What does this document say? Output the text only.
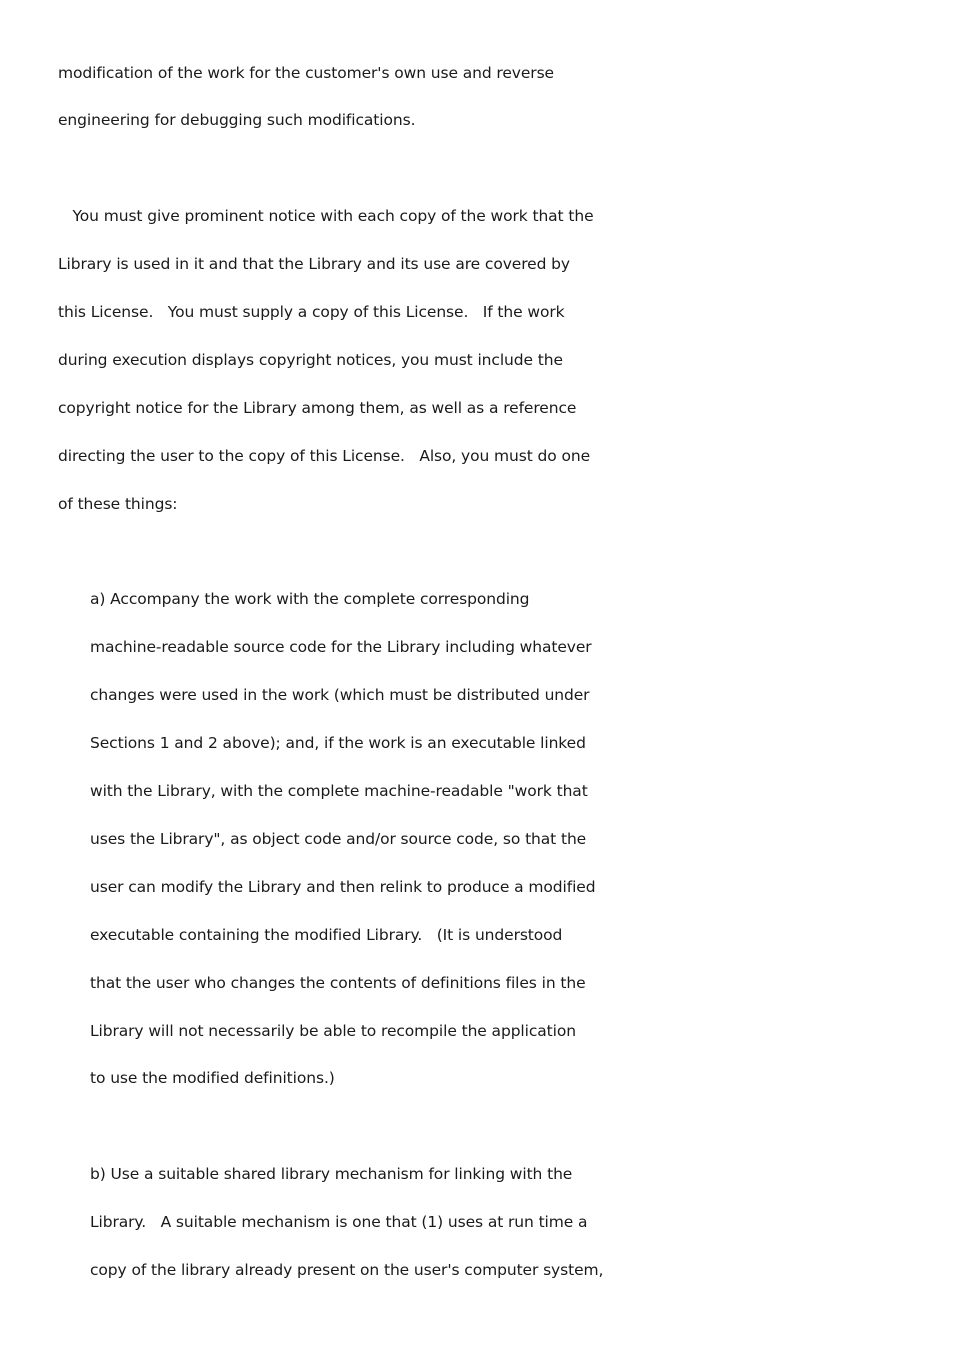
modification of the work for the customer's own use and reverse
engineering for debugging such modifications.
You must give prominent notice with each copy of the work that the
Library is used in it and that the Library and its use are covered by
this License.   You must supply a copy of this License.   If the work
during execution displays copyright notices, you must include the
copyright notice for the Library among them, as well as a reference
directing the user to the copy of this License.   Also, you must do one
of these things:
a) Accompany the work with the complete corresponding
machine-readable source code for the Library including whatever
changes were used in the work (which must be distributed under
Sections 1 and 2 above); and, if the work is an executable linked
with the Library, with the complete machine-readable "work that
uses the Library", as object code and/or source code, so that the
user can modify the Library and then relink to produce a modified
executable containing the modified Library.   (It is understood
that the user who changes the contents of definitions files in the
Library will not necessarily be able to recompile the application
to use the modified definitions.)
b) Use a suitable shared library mechanism for linking with the
Library.   A suitable mechanism is one that (1) uses at run time a
copy of the library already present on the user's computer system,
